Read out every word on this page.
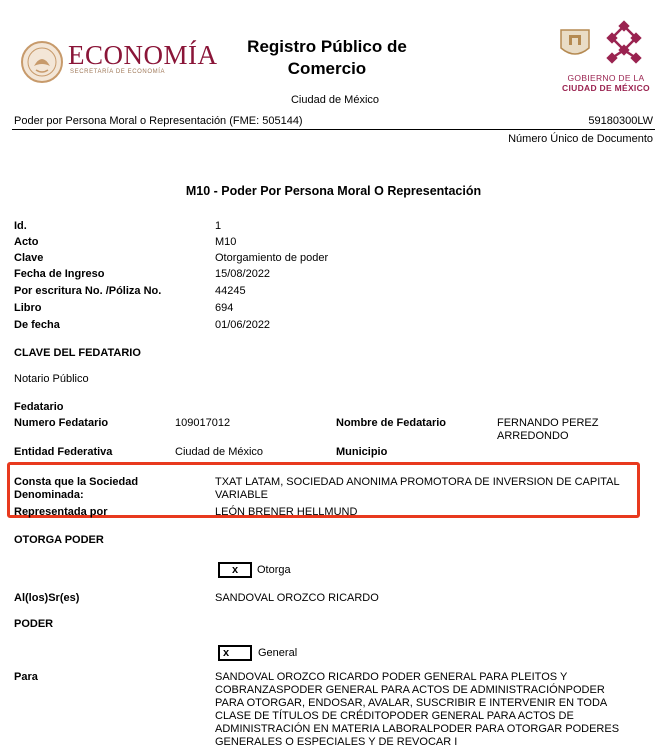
ECONOMÍA
SECRETARÍA DE ECONOMÍA
Registro Público de
Comercio
Ciudad de México
GOBIERNO DE LA
CIUDAD DE MÉXICO
Poder por Persona Moral o Representación (FME: 505144)	59180300LW
Número Único de Documento
M10 - Poder Por Persona Moral O Representación
Id.	1
Acto	M10
Clave	Otorgamiento de poder
Fecha de Ingreso	15/08/2022
Por escritura No. /Póliza No.	44245
Libro	694
De fecha	01/06/2022
CLAVE DEL FEDATARIO
Notario Público
Fedatario
Numero Fedatario	109017012	Nombre de Fedatario	FERNANDO PEREZ
ARREDONDO
Entidad Federativa	Ciudad de México	Municipio
Consta que la Sociedad
Denominada:
TXAT LATAM, SOCIEDAD ANONIMA PROMOTORA DE INVERSION DE CAPITAL
VARIABLE
Representada por	LEÓN BRENER HELLMUND
OTORGA PODER
x	Otorga
Al(los)Sr(es)	SANDOVAL OROZCO RICARDO
PODER
x	General
Para	SANDOVAL OROZCO RICARDO PODER GENERAL PARA PLEITOS Y
COBRANZASPODER GENERAL PARA ACTOS DE ADMINISTRACIÓNPODER
PARA OTORGAR, ENDOSAR, AVALAR, SUSCRIBIR E INTERVENIR EN TODA
CLASE DE TÍTULOS DE CRÉDITOPODER GENERAL PARA ACTOS DE
ADMINISTRACIÓN EN MATERIA LABORALPODER PARA OTORGAR PODERES
GENERALES O ESPECIALES Y DE REVOCAR I
